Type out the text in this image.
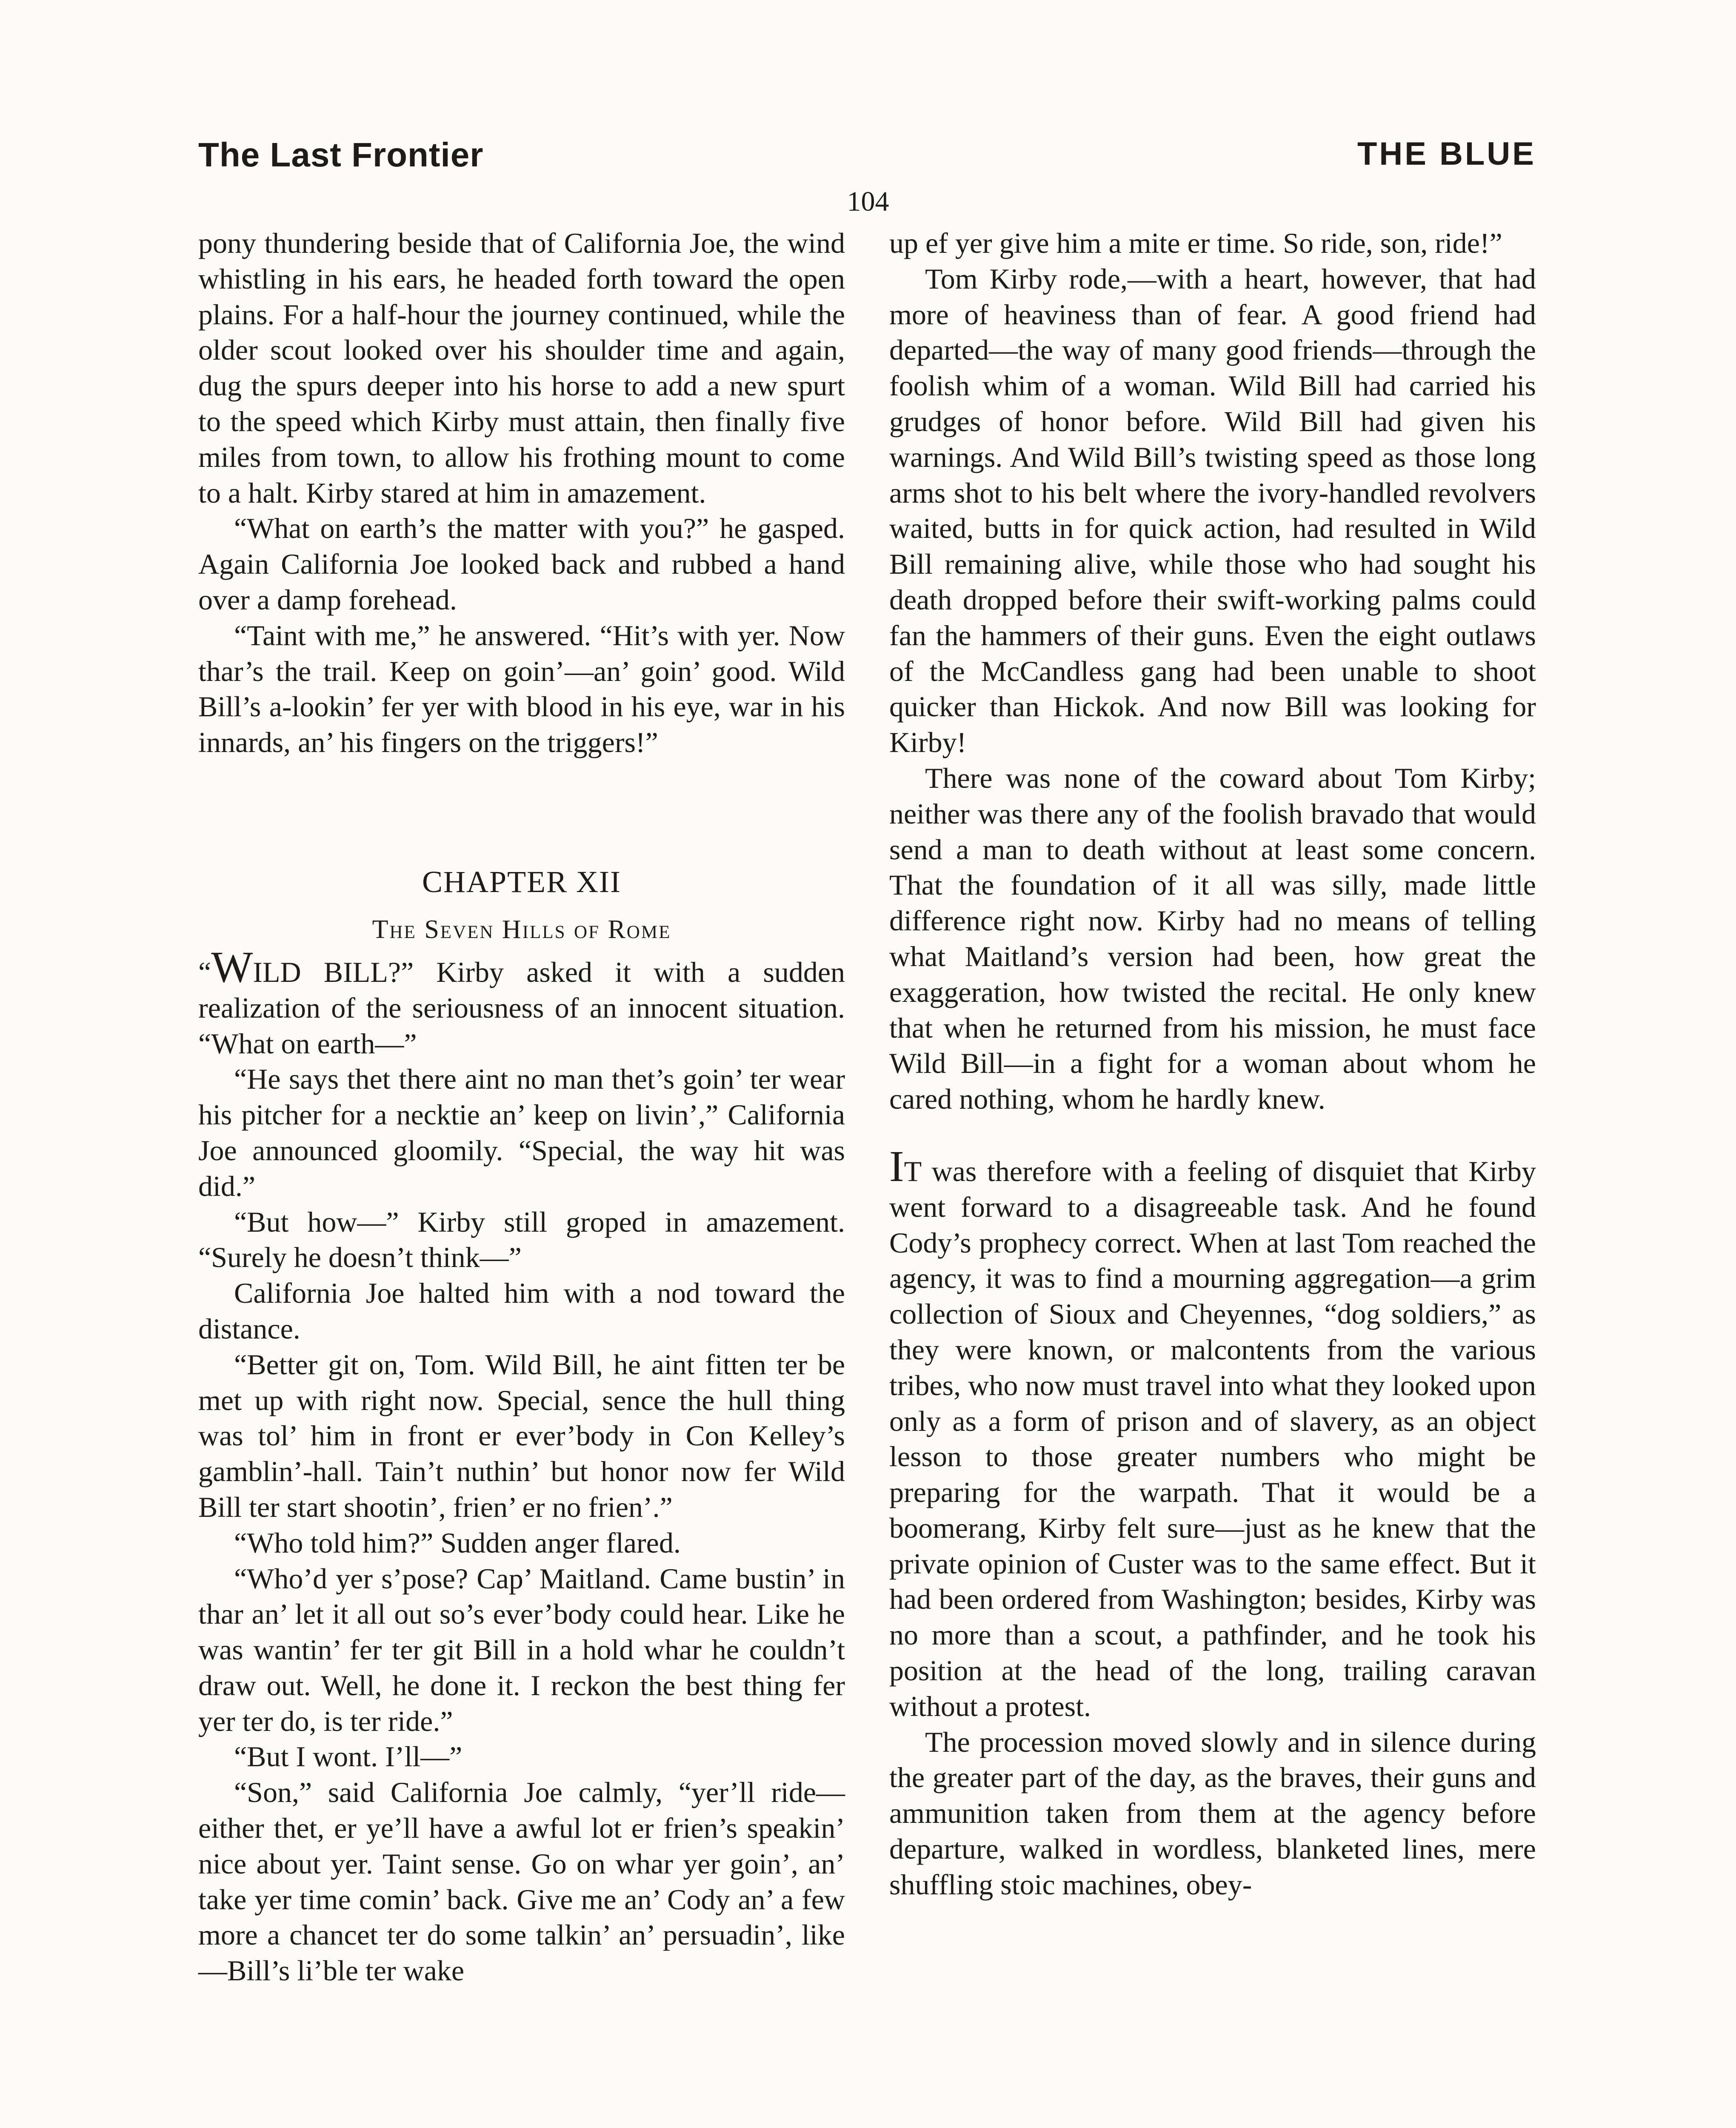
The Last Frontier	THE BLUE
104

pony thundering beside that of California Joe, the wind whistling in his ears, he headed forth toward the open plains. For a half-hour the journey continued, while the older scout looked over his shoulder time and again, dug the spurs deeper into his horse to add a new spurt to the speed which Kirby must attain, then finally five miles from town, to allow his frothing mount to come to a halt. Kirby stared at him in amazement.

“What on earth’s the matter with you?” he gasped. Again California Joe looked back and rubbed a hand over a damp forehead.

“Taint with me,” he answered. “Hit’s with yer. Now thar’s the trail. Keep on goin’—an’ goin’ good. Wild Bill’s a-lookin’ fer yer with blood in his eye, war in his innards, an’ his fingers on the triggers!”

CHAPTER XII
The Seven Hills of Rome

“WILD BILL?” Kirby asked it with a sudden realization of the seriousness of an innocent situation. “What on earth—”

“He says thet there aint no man thet’s goin’ ter wear his pitcher for a necktie an’ keep on livin’,” California Joe announced gloomily. “Special, the way hit was did.”

“But how—” Kirby still groped in amazement. “Surely he doesn’t think—”

California Joe halted him with a nod toward the distance.

“Better git on, Tom. Wild Bill, he aint fitten ter be met up with right now. Special, sence the hull thing was tol’ him in front er ever’body in Con Kelley’s gamblin’-hall. Tain’t nuthin’ but honor now fer Wild Bill ter start shootin’, frien’ er no frien’.”

“Who told him?” Sudden anger flared.

“Who’d yer s’pose? Cap’ Maitland. Came bustin’ in thar an’ let it all out so’s ever’body could hear. Like he was wantin’ fer ter git Bill in a hold whar he couldn’t draw out. Well, he done it. I reckon the best thing fer yer ter do, is ter ride.”

“But I wont. I’ll—”

“Son,” said California Joe calmly, “yer’ll ride—either thet, er ye’ll have a awful lot er frien’s speakin’ nice about yer. Taint sense. Go on whar yer goin’, an’ take yer time comin’ back. Give me an’ Cody an’ a few more a chancet ter do some talkin’ an’ persuadin’, like—Bill’s li’ble ter wake

up ef yer give him a mite er time. So ride, son, ride!”

Tom Kirby rode,—with a heart, however, that had more of heaviness than of fear. A good friend had departed—the way of many good friends—through the foolish whim of a woman. Wild Bill had carried his grudges of honor before. Wild Bill had given his warnings. And Wild Bill’s twisting speed as those long arms shot to his belt where the ivory-handled revolvers waited, butts in for quick action, had resulted in Wild Bill remaining alive, while those who had sought his death dropped before their swift-working palms could fan the hammers of their guns. Even the eight outlaws of the McCandless gang had been unable to shoot quicker than Hickok. And now Bill was looking for Kirby!

There was none of the coward about Tom Kirby; neither was there any of the foolish bravado that would send a man to death without at least some concern. That the foundation of it all was silly, made little difference right now. Kirby had no means of telling what Maitland’s version had been, how great the exaggeration, how twisted the recital. He only knew that when he returned from his mission, he must face Wild Bill—in a fight for a woman about whom he cared nothing, whom he hardly knew.

IT was therefore with a feeling of disquiet that Kirby went forward to a disagreeable task. And he found Cody’s prophecy correct. When at last Tom reached the agency, it was to find a mourning aggregation—a grim collection of Sioux and Cheyennes, “dog soldiers,” as they were known, or malcontents from the various tribes, who now must travel into what they looked upon only as a form of prison and of slavery, as an object lesson to those greater numbers who might be preparing for the warpath. That it would be a boomerang, Kirby felt sure—just as he knew that the private opinion of Custer was to the same effect. But it had been ordered from Washington; besides, Kirby was no more than a scout, a pathfinder, and he took his position at the head of the long, trailing caravan without a protest.

The procession moved slowly and in silence during the greater part of the day, as the braves, their guns and ammunition taken from them at the agency before departure, walked in wordless, blanketed lines, mere shuffling stoic machines, obey-
